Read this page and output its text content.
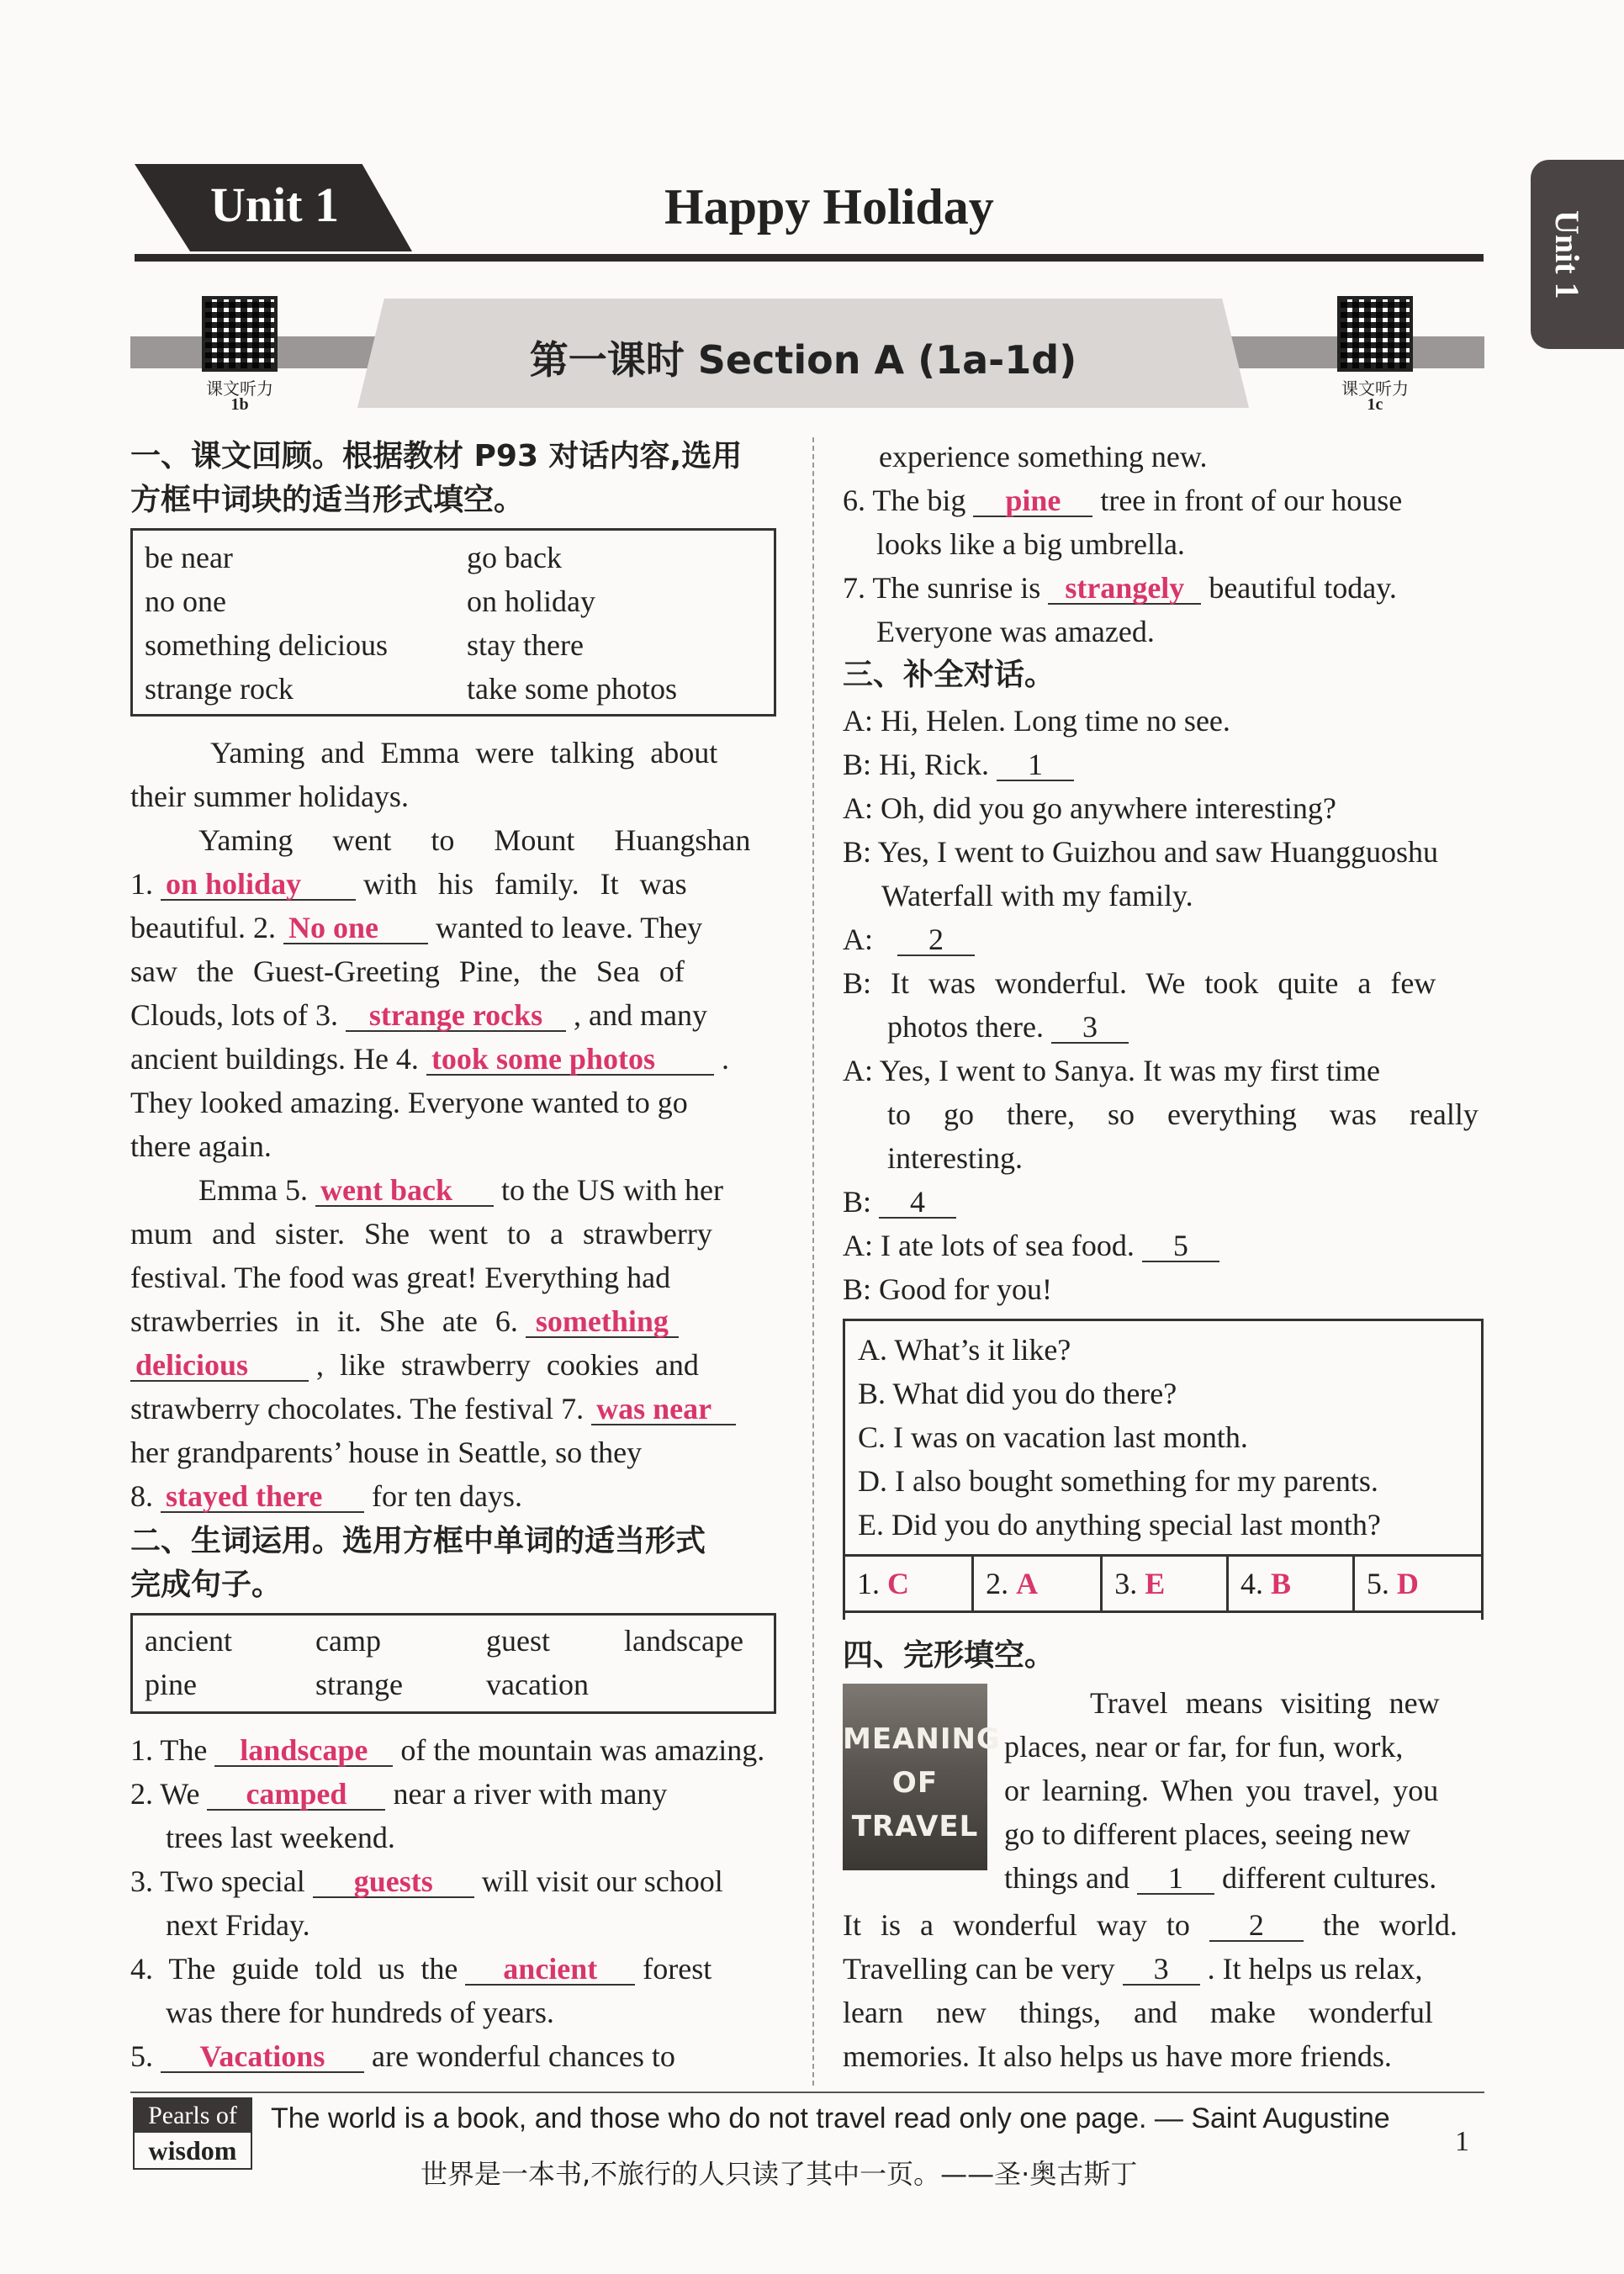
Unit 1	Happy Holiday
Unit 1
第一课时 Section A (1a-1d)
课文听力
1b
课文听力
1c
一、课文回顾。根据教材 P93 对话内容,选用
方框中词块的适当形式填空。
be near	go back
no one	on holiday
something delicious	stay there
strange rock	take some photos
Yaming and Emma were talking about
their summer holidays.
Yaming went to Mount Huangshan
1. on holiday with his family. It was
beautiful. 2. No one wanted to leave. They
saw the Guest-Greeting Pine, the Sea of
Clouds, lots of 3. strange rocks , and many
ancient buildings. He 4. took some photos .
They looked amazing. Everyone wanted to go
there again.
Emma 5. went back to the US with her
mum and sister. She went to a strawberry
festival. The food was great! Everything had
strawberries in it. She ate 6. something
delicious , like strawberry cookies and
strawberry chocolates. The festival 7. was near
her grandparents’ house in Seattle, so they
8. stayed there for ten days.
二、生词运用。选用方框中单词的适当形式
完成句子。
ancient	camp	guest landscape
pine	strange	vacation
1. The landscape of the mountain was amazing.
2. We camped near a river with many
trees last weekend.
3. Two special guests will visit our school
next Friday.
4. The guide told us the ancient forest
was there for hundreds of years.
5. Vacations are wonderful chances to
experience something new.
6. The big pine tree in front of our house
looks like a big umbrella.
7. The sunrise is strangely beautiful today.
Everyone was amazed.
三、补全对话。
A: Hi, Helen. Long time no see.
B: Hi, Rick. 1
A: Oh, did you go anywhere interesting?
B: Yes, I went to Guizhou and saw Huangguoshu
Waterfall with my family.
A: 2
B: It was wonderful. We took quite a few
photos there. 3
A: Yes, I went to Sanya. It was my first time
to go there, so everything was really
interesting.
B: 4
A: I ate lots of sea food. 5
B: Good for you!
A. What’s it like?
B. What did you do there?
C. I was on vacation last month.
D. I also bought something for my parents.
E. Did you do anything special last month?
1. C	2. A	3. E	4. B	5. D
四、完形填空。
MEANING
OF
TRAVEL
Travel means visiting new
places, near or far, for fun, work,
or learning. When you travel, you
go to different places, seeing new
things and 1 different cultures.
It is a wonderful way to 2 the world.
Travelling can be very 3 . It helps us relax,
learn new things, and make wonderful
memories. It also helps us have more friends.
Pearls of
wisdom
The world is a book, and those who do not travel read only one page. — Saint Augustine
世界是一本书,不旅行的人只读了其中一页。——圣·奥古斯丁
1
